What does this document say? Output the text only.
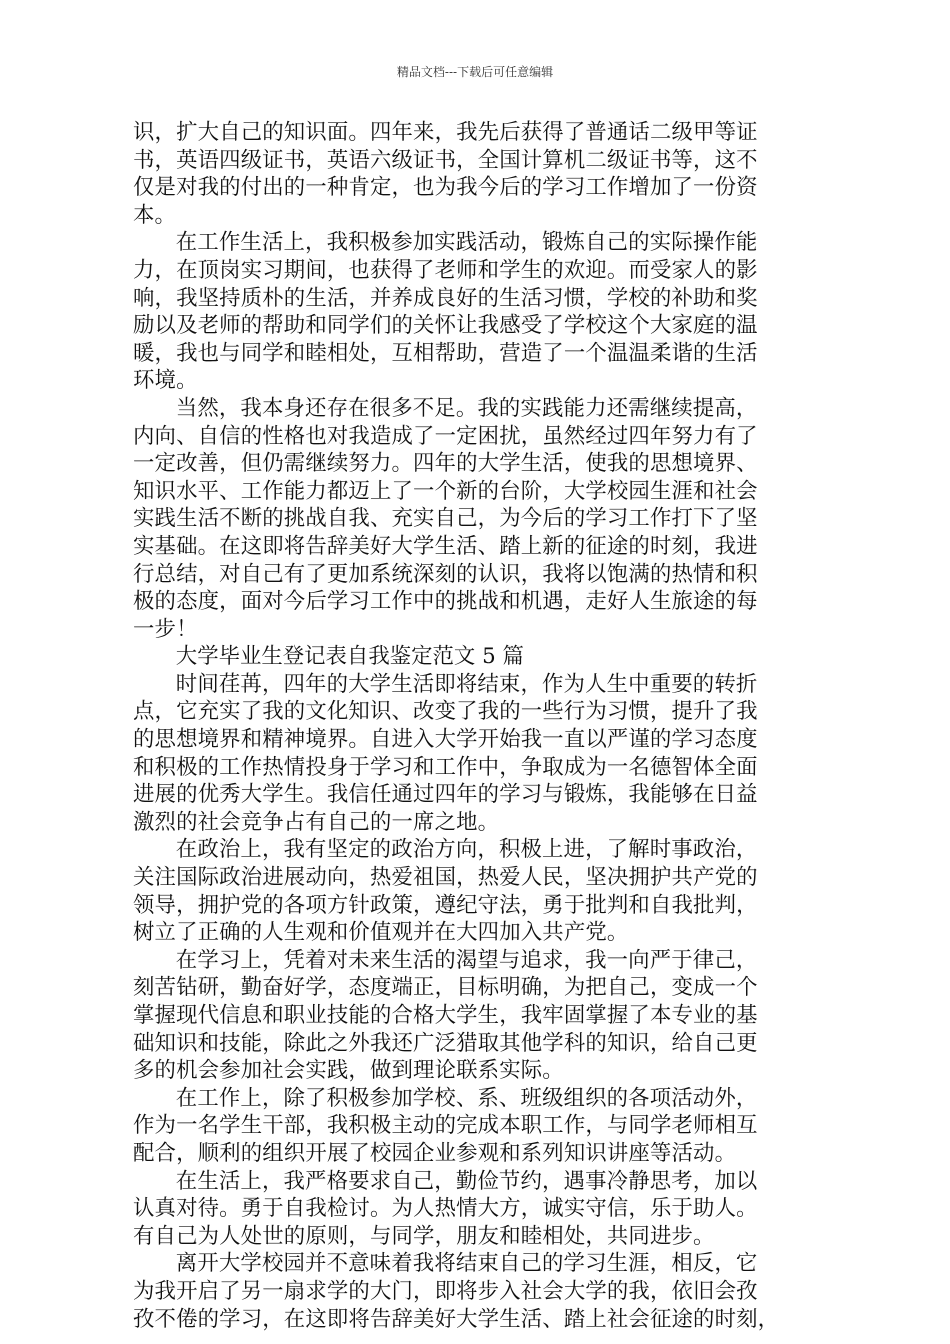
精品文档---下载后可任意编辑
识，扩大自己的知识面。四年来，我先后获得了普通话二级甲等证
书，英语四级证书，英语六级证书，全国计算机二级证书等，这不
仅是对我的付出的一种肯定，也为我今后的学习工作增加了一份资
本。
在工作生活上，我积极参加实践活动，锻炼自己的实际操作能
力，在顶岗实习期间，也获得了老师和学生的欢迎。而受家人的影
响，我坚持质朴的生活，并养成良好的生活习惯，学校的补助和奖
励以及老师的帮助和同学们的关怀让我感受了学校这个大家庭的温
暖，我也与同学和睦相处，互相帮助，营造了一个温温柔谐的生活
环境。
当然，我本身还存在很多不足。我的实践能力还需继续提高，
内向、自信的性格也对我造成了一定困扰，虽然经过四年努力有了
一定改善，但仍需继续努力。四年的大学生活，使我的思想境界、
知识水平、工作能力都迈上了一个新的台阶，大学校园生涯和社会
实践生活不断的挑战自我、充实自己，为今后的学习工作打下了坚
实基础。在这即将告辞美好大学生活、踏上新的征途的时刻，我进
行总结，对自己有了更加系统深刻的认识，我将以饱满的热情和积
极的态度，面对今后学习工作中的挑战和机遇，走好人生旅途的每
一步！
大学毕业生登记表自我鉴定范文 5 篇
时间荏苒，四年的大学生活即将结束，作为人生中重要的转折
点，它充实了我的文化知识、改变了我的一些行为习惯，提升了我
的思想境界和精神境界。自进入大学开始我一直以严谨的学习态度
和积极的工作热情投身于学习和工作中，争取成为一名德智体全面
进展的优秀大学生。我信任通过四年的学习与锻炼，我能够在日益
激烈的社会竞争占有自己的一席之地。
在政治上，我有坚定的政治方向，积极上进，了解时事政治，
关注国际政治进展动向，热爱祖国，热爱人民，坚决拥护共产党的
领导，拥护党的各项方针政策，遵纪守法，勇于批判和自我批判，
树立了正确的人生观和价值观并在大四加入共产党。
在学习上，凭着对未来生活的渴望与追求，我一向严于律己，
刻苦钻研，勤奋好学，态度端正，目标明确，为把自己，变成一个
掌握现代信息和职业技能的合格大学生，我牢固掌握了本专业的基
础知识和技能，除此之外我还广泛猎取其他学科的知识，给自己更
多的机会参加社会实践，做到理论联系实际。
在工作上，除了积极参加学校、系、班级组织的各项活动外，
作为一名学生干部，我积极主动的完成本职工作，与同学老师相互
配合，顺利的组织开展了校园企业参观和系列知识讲座等活动。
在生活上，我严格要求自己，勤俭节约，遇事冷静思考，加以
认真对待。勇于自我检讨。为人热情大方，诚实守信，乐于助人。
有自己为人处世的原则，与同学，朋友和睦相处，共同进步。
离开大学校园并不意味着我将结束自己的学习生涯，相反，它
为我开启了另一扇求学的大门，即将步入社会大学的我，依旧会孜
孜不倦的学习，在这即将告辞美好大学生活、踏上社会征途的时刻，
